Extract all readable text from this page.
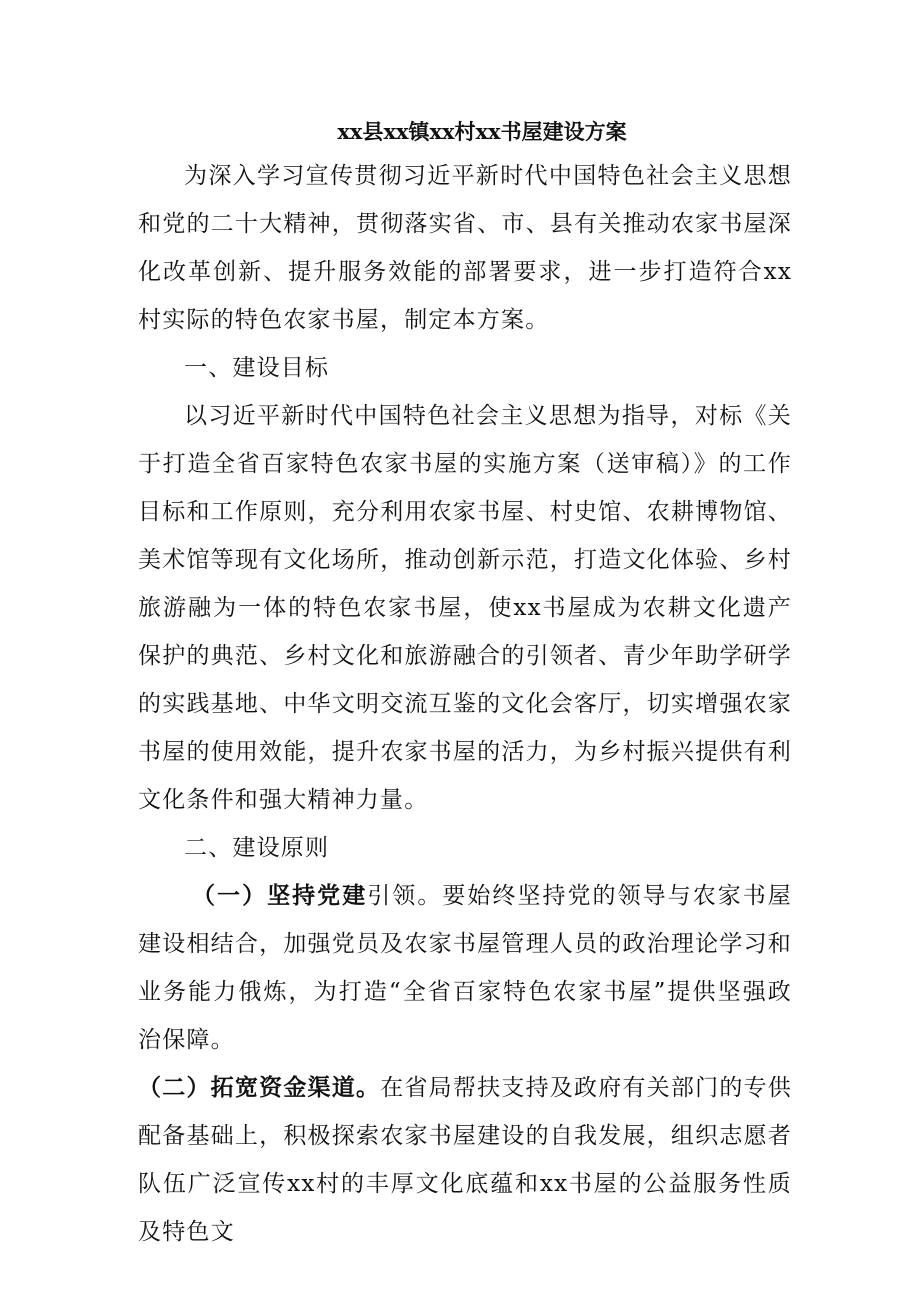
xx县xx镇xx村xx书屋建设方案

为深入学习宣传贯彻习近平新时代中国特色社会主义思想和党的二十大精神，贯彻落实省、市、县有关推动农家书屋深化改革创新、提升服务效能的部署要求，进一步打造符合xx村实际的特色农家书屋，制定本方案。

一、建设目标

以习近平新时代中国特色社会主义思想为指导，对标《关于打造全省百家特色农家书屋的实施方案（送审稿）》的工作目标和工作原则，充分利用农家书屋、村史馆、农耕博物馆、美术馆等现有文化场所，推动创新示范，打造文化体验、乡村旅游融为一体的特色农家书屋，使xx书屋成为农耕文化遗产保护的典范、乡村文化和旅游融合的引领者、青少年助学研学的实践基地、中华文明交流互鉴的文化会客厅，切实增强农家书屋的使用效能，提升农家书屋的活力，为乡村振兴提供有利文化条件和强大精神力量。

二、建设原则

（一）坚持党建引领。要始终坚持党的领导与农家书屋建设相结合，加强党员及农家书屋管理人员的政治理论学习和业务能力俄炼，为打造“全省百家特色农家书屋”提供坚强政治保障。

（二）拓宽资金渠道。在省局帮扶支持及政府有关部门的专供配备基础上，积极探索农家书屋建设的自我发展，组织志愿者队伍广泛宣传xx村的丰厚文化底蕴和xx书屋的公益服务性质及特色文
